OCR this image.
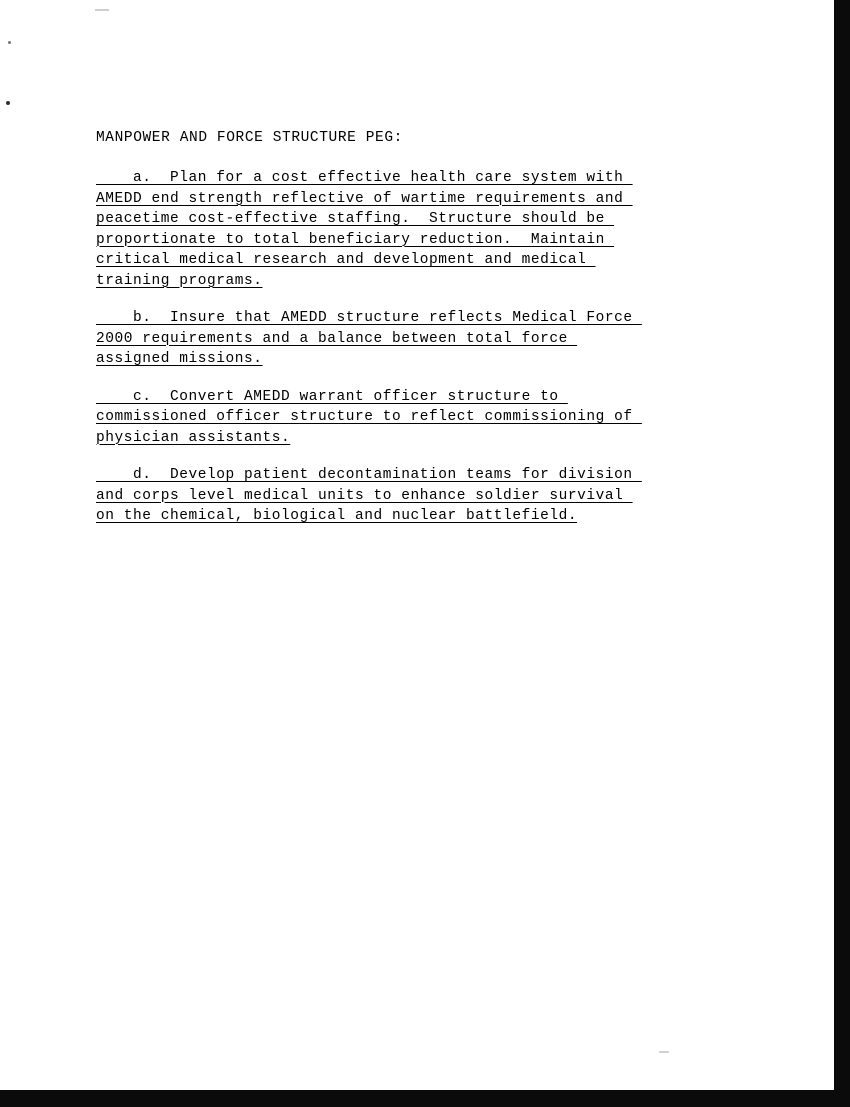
MANPOWER AND FORCE STRUCTURE PEG:
a.  Plan for a cost effective health care system with
AMEDD end strength reflective of wartime requirements and
peacetime cost-effective staffing.  Structure should be
proportionate to total beneficiary reduction.  Maintain
critical medical research and development and medical
training programs.
b.  Insure that AMEDD structure reflects Medical Force
2000 requirements and a balance between total force
assigned missions.
c.  Convert AMEDD warrant officer structure to
commissioned officer structure to reflect commissioning of
physician assistants.
d.  Develop patient decontamination teams for division
and corps level medical units to enhance soldier survival
on the chemical, biological and nuclear battlefield.
